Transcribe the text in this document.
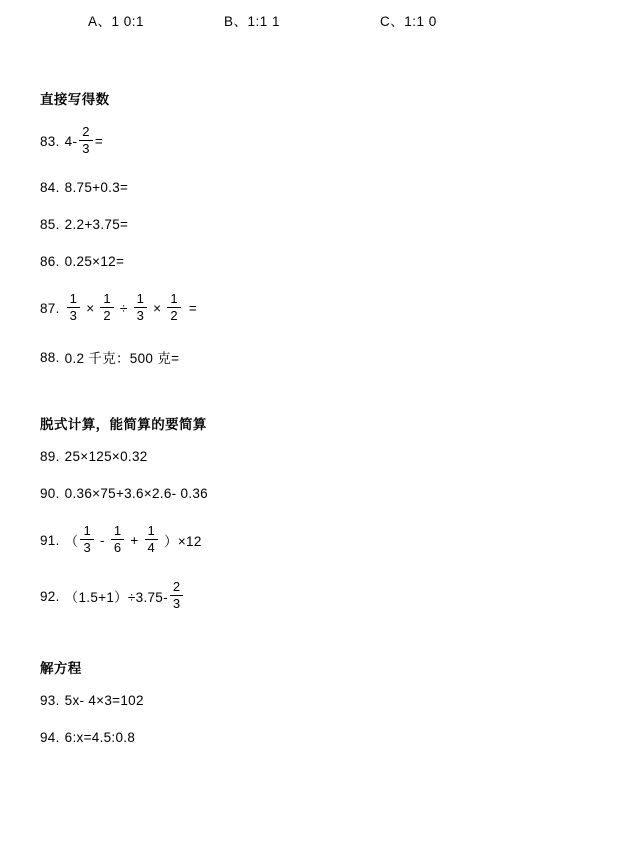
A、1 0:1	B、1:1 1	C、1:1 0
直接写得数
83. $4- \frac{2}{3}$ =
84. 8.75+0.3=
85. 2.2+3.75=
86. 0.25×12=
87. $\frac{1}{3} \times \frac{1}{2} \div \frac{1}{3} \times \frac{1}{2}$ =
88. 0.2 千克：500 克=
脱式计算，能简算的要简算
89. 25×125×0.32
90. 0.36×75+3.6×2.6- 0.36
91. （ $\frac{1}{3} - \frac{1}{6} + \frac{1}{4} )\times 12$
92. $(1.5+1)\div 3.75- \frac{2}{3}$
解方程
93. 5x- 4×3=102
94. 6:x=4.5:0.8
